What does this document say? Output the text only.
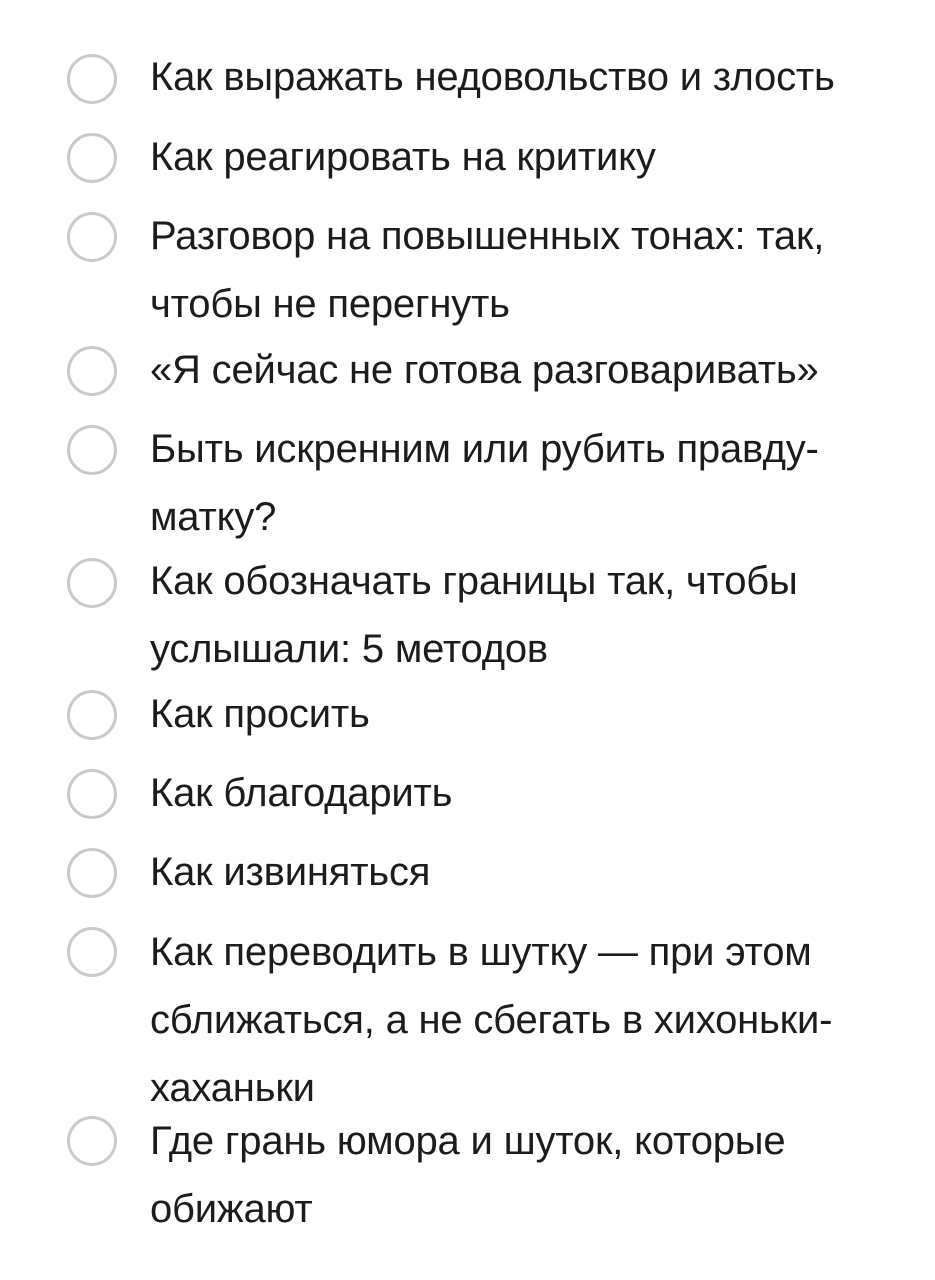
Как выражать недовольство и злость
Как реагировать на критику
Разговор на повышенных тонах: так,
чтобы не перегнуть
«Я сейчас не готова разговаривать»
Быть искренним или рубить правду-
матку?
Как обозначать границы так, чтобы
услышали: 5 методов
Как просить
Как благодарить
Как извиняться
Как переводить в шутку — при этом
сближаться, а не сбегать в хихоньки-
хаханьки
Где грань юмора и шуток, которые
обижают
